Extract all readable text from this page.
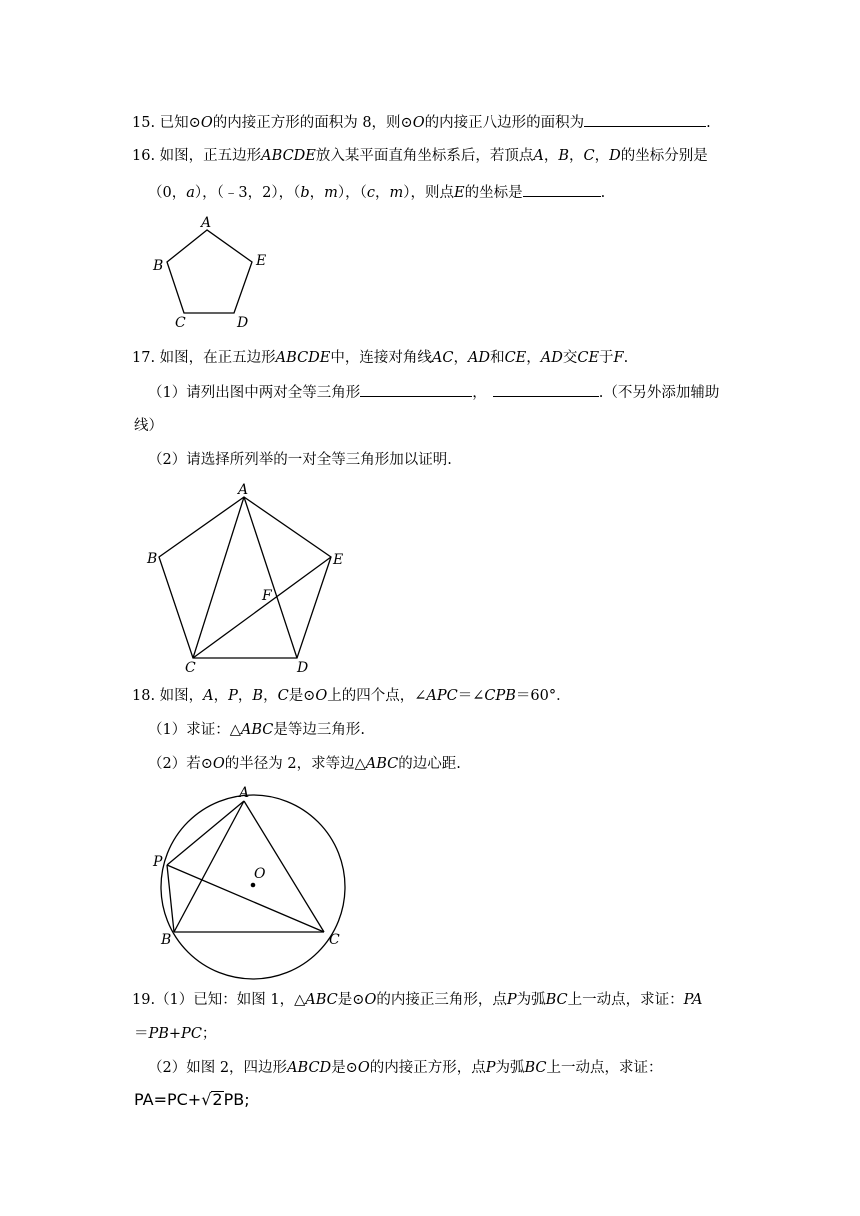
15. 已知⊙O的内接正方形的面积为 8，则⊙O的内接正八边形的面积为	.
16. 如图，正五边形ABCDE放入某平面直角坐标系后，若顶点A，B，C，D的坐标分别是
（0，a），（﹣3，2），（b，m），（c，m），则点E的坐标是	.
A
B
C	D
E
17. 如图，在正五边形ABCDE中，连接对角线AC，AD和CE，AD交CE于F.
（1）请列出图中两对全等三角形	，	.（不另外添加辅助
线）
（2）请选择所列举的一对全等三角形加以证明.
A
B
C	D
E
F
18. 如图，A，P，B，C是⊙O上的四个点，∠APC＝∠CPB＝60°．
（1）求证：△ABC是等边三角形.
（2）若⊙O的半径为 2，求等边△ABC的边心距.
A
P
O
B	C
19.（1）已知：如图 1，△ABC是⊙O的内接正三角形，点P为弧BC上一动点，求证：PA
＝PB+PC；
（2）如图 2，四边形ABCD是⊙O的内接正方形，点P为弧BC上一动点，求证：
PA=PC+√2PB;
